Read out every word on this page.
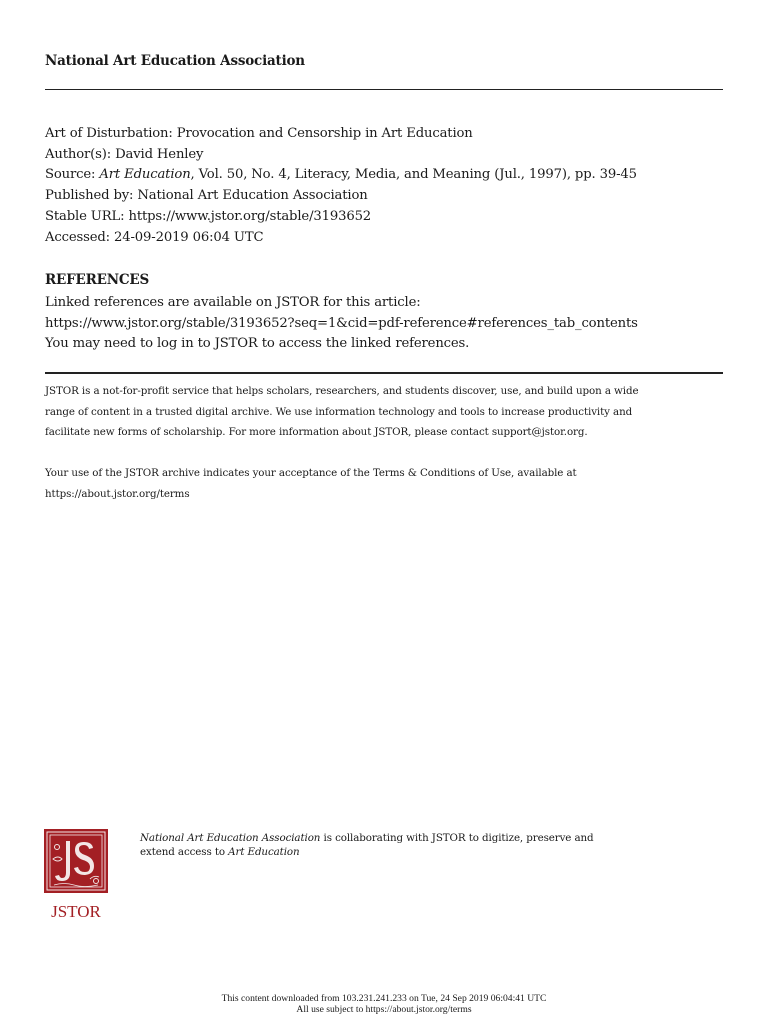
National Art Education Association
Art of Disturbation: Provocation and Censorship in Art Education
Author(s): David Henley
Source: Art Education, Vol. 50, No. 4, Literacy, Media, and Meaning (Jul., 1997), pp. 39-45
Published by: National Art Education Association
Stable URL: https://www.jstor.org/stable/3193652
Accessed: 24-09-2019 06:04 UTC
REFERENCES
Linked references are available on JSTOR for this article:
https://www.jstor.org/stable/3193652?seq=1&cid=pdf-reference#references_tab_contents
You may need to log in to JSTOR to access the linked references.
JSTOR is a not-for-profit service that helps scholars, researchers, and students discover, use, and build upon a wide
range of content in a trusted digital archive. We use information technology and tools to increase productivity and
facilitate new forms of scholarship. For more information about JSTOR, please contact support@jstor.org.
Your use of the JSTOR archive indicates your acceptance of the Terms & Conditions of Use, available at
https://about.jstor.org/terms
JSTOR
National Art Education Association is collaborating with JSTOR to digitize, preserve and
extend access to Art Education
This content downloaded from 103.231.241.233 on Tue, 24 Sep 2019 06:04:41 UTC
All use subject to https://about.jstor.org/terms
